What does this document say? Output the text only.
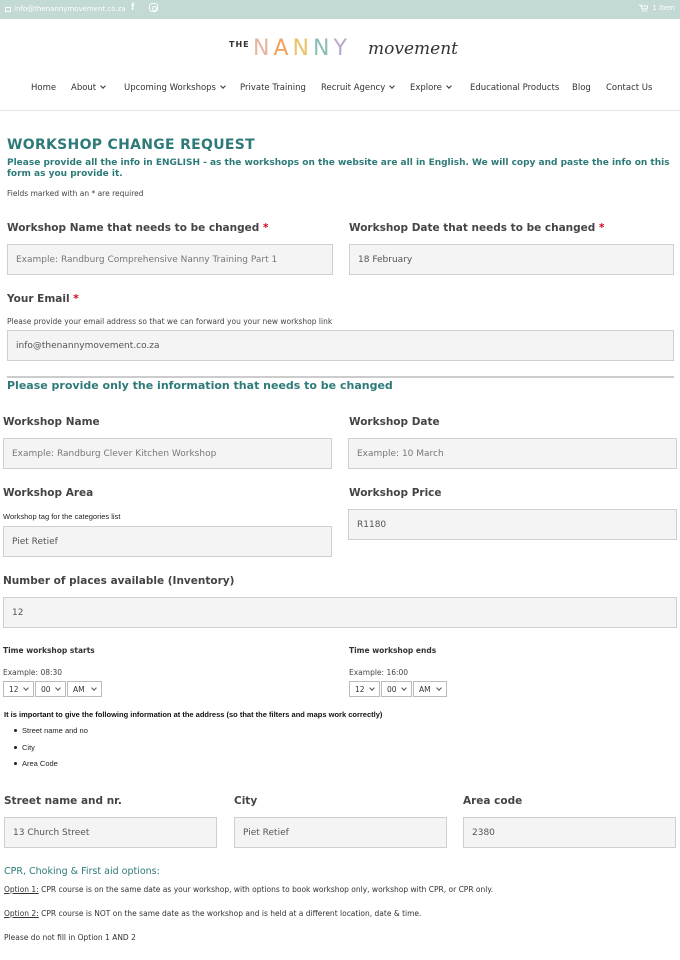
info@thenannymovement.co.za f	1 Item
THE NANNY movement
Home About	Upcoming Workshops	Private Training Recruit Agency	Explore	Educational Products Blog Contact Us
WORKSHOP CHANGE REQUEST
Please provide all the info in ENGLISH - as the workshops on the website are all in English. We will copy and paste the info on this form as you provide it.
Fields marked with an * are required
Workshop Name that needs to be changed *
Example: Randburg Comprehensive Nanny Training Part 1
Workshop Date that needs to be changed *
18 February
Your Email *
Please provide your email address so that we can forward you your new workshop link
info@thenannymovement.co.za
Please provide only the information that needs to be changed
Workshop Name
Example: Randburg Clever Kitchen Workshop
Workshop Date
Example: 10 March
Workshop Area
Workshop tag for the categories list
Piet Retief
Workshop Price
R1180
Number of places available (Inventory)
12
Time workshop starts
Example: 08:30
12	00	AM
Time workshop ends
Example: 16:00
12	00	AM
It is important to give the following information at the address (so that the filters and maps work correctly)
Street name and no
City
Area Code
Street name and nr.
13 Church Street
City
Piet Retief
Area code
2380
CPR, Choking & First aid options:
Option 1: CPR course is on the same date as your workshop, with options to book workshop only, workshop with CPR, or CPR only.
Option 2: CPR course is NOT on the same date as the workshop and is held at a different location, date & time.
Please do not fill in Option 1 AND 2
